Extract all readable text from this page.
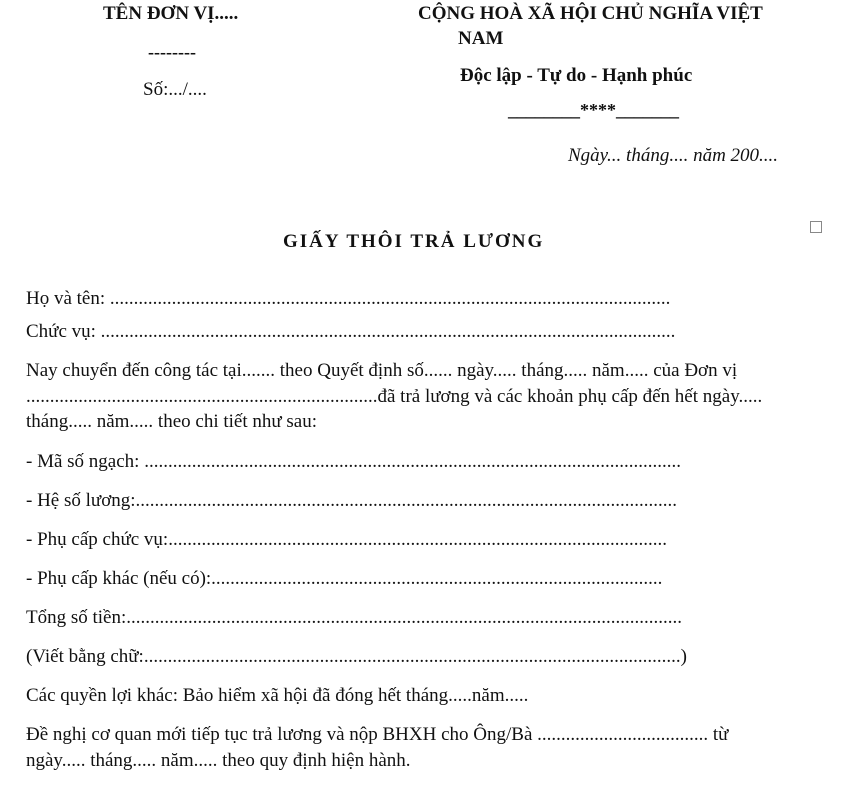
TÊN ĐƠN VỊ.....
--------
Số:.../....
CỘNG HOÀ XÃ HỘI CHỦ NGHĨA VIỆT
NAM
Độc lập - Tự do - Hạnh phúc
________****_______
Ngày... tháng.... năm 200....
GIẤY THÔI TRẢ LƯƠNG
Họ và tên: ......................................................................................................................
Chức vụ: .........................................................................................................................
Nay chuyển đến công tác tại....... theo Quyết định số...... ngày..... tháng..... năm..... của Đơn vị
..........................................................................đã trả lương và các khoản phụ cấp đến hết ngày.....
tháng..... năm..... theo chi tiết như sau:
- Mã số ngạch: .................................................................................................................
- Hệ số lương:..................................................................................................................
- Phụ cấp chức vụ:.........................................................................................................
- Phụ cấp khác (nếu có):...............................................................................................
Tổng số tiền:.....................................................................................................................
(Viết bằng chữ:.................................................................................................................)
Các quyền lợi khác: Bảo hiểm xã hội đã đóng hết tháng.....năm.....
Đề nghị cơ quan mới tiếp tục trả lương và nộp BHXH cho Ông/Bà .................................... từ
ngày..... tháng..... năm..... theo quy định hiện hành.
